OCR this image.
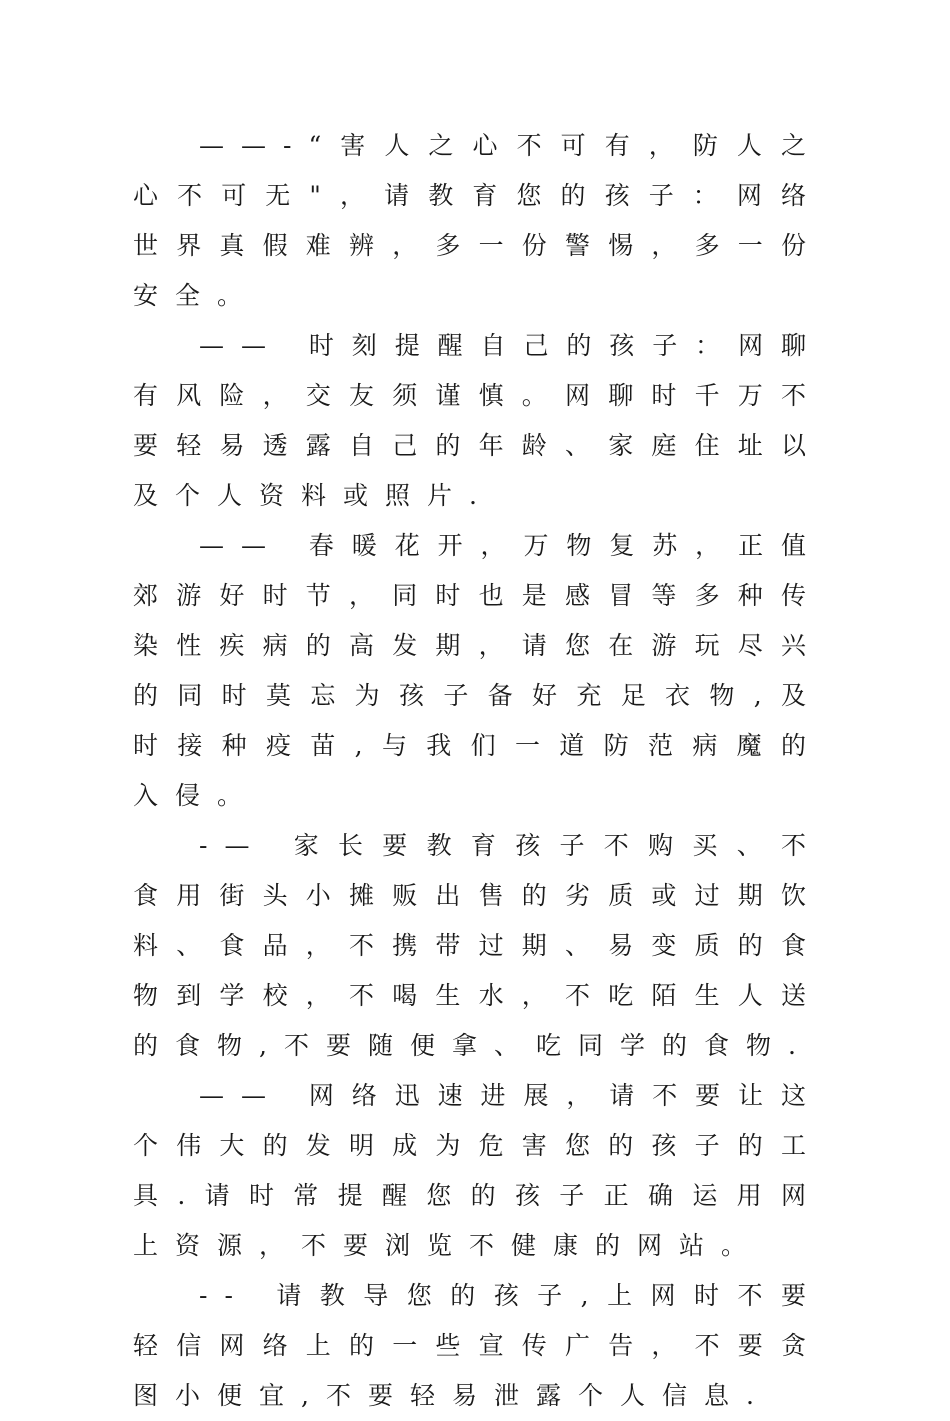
——-“害人之心不可有，防人之心不可无"，请教育您的孩子：网络世界真假难辨，多一份警惕，多一份安全。

—— 时刻提醒自己的孩子：网聊有风险，交友须谨慎。网聊时千万不要轻易透露自己的年龄、家庭住址以及个人资料或照片.

—— 春暖花开，万物复苏，正值郊游好时节，同时也是感冒等多种传染性疾病的高发期，请您在游玩尽兴的同时莫忘为孩子备好充足衣物,及时接种疫苗,与我们一道防范病魔的入侵。

-— 家长要教育孩子不购买、不食用街头小摊贩出售的劣质或过期饮料、食品，不携带过期、易变质的食物到学校，不喝生水，不吃陌生人送的食物,不要随便拿、吃同学的食物.

—— 网络迅速进展，请不要让这个伟大的发明成为危害您的孩子的工具.请时常提醒您的孩子正确运用网上资源，不要浏览不健康的网站。

-- 请教导您的孩子,上网时不要轻信网络上的一些宣传广告，不要贪图小便宜,不要轻易泄露个人信息.
